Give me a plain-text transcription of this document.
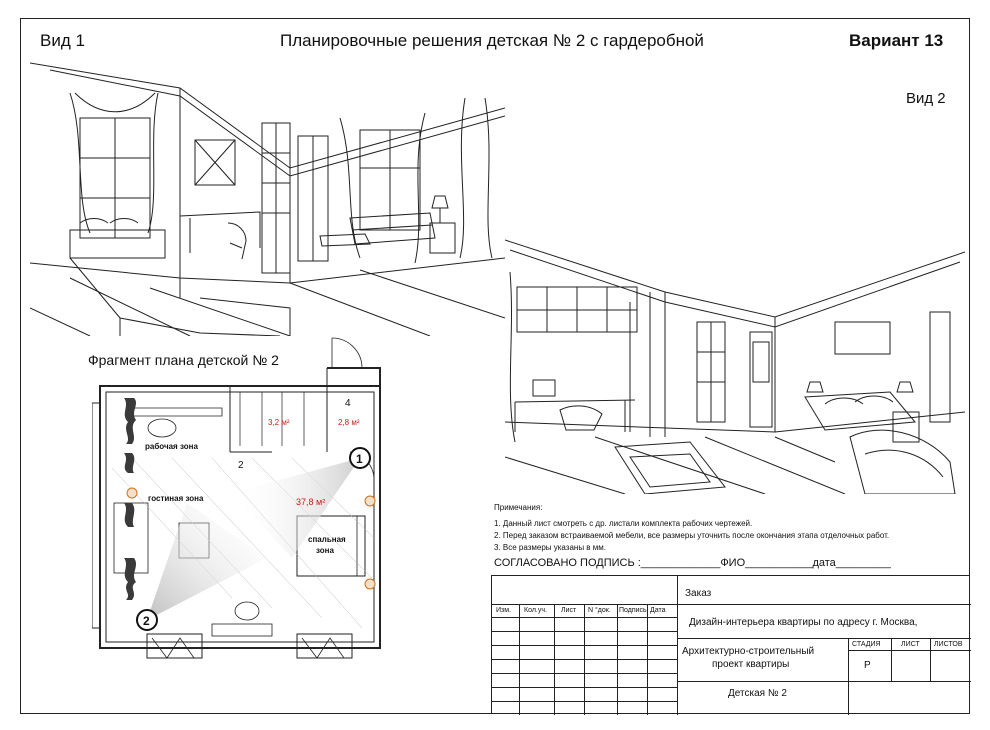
Вид 1	Планировочные решения детская № 2 с гардеробной	Вариант 13
Вид 2
Фрагмент плана детской № 2
рабочая зона
гостиная зона
спальная
зона
2
37,8 м²
3,2 м²
4
2,8 м²
1
2
Примечания:
1. Данный лист смотреть с др. листали комплекта рабочих чертежей.
2. Перед заказом встраиваемой мебели, все размеры уточнить после окончания этапа отделочных работ.
3. Все размеры указаны в мм.
СОГЛАСОВАНО ПОДПИСЬ :_____________ФИО___________дата_________
Изм. Кол.уч. Лист N °док. Подпись Дата
Заказ
Дизайн-интерьера квартиры по адресу г. Москва,
Архитектурно-строительный
проект квартиры
СТАДИЯ	ЛИСТ ЛИСТОВ
Р
Детская № 2
